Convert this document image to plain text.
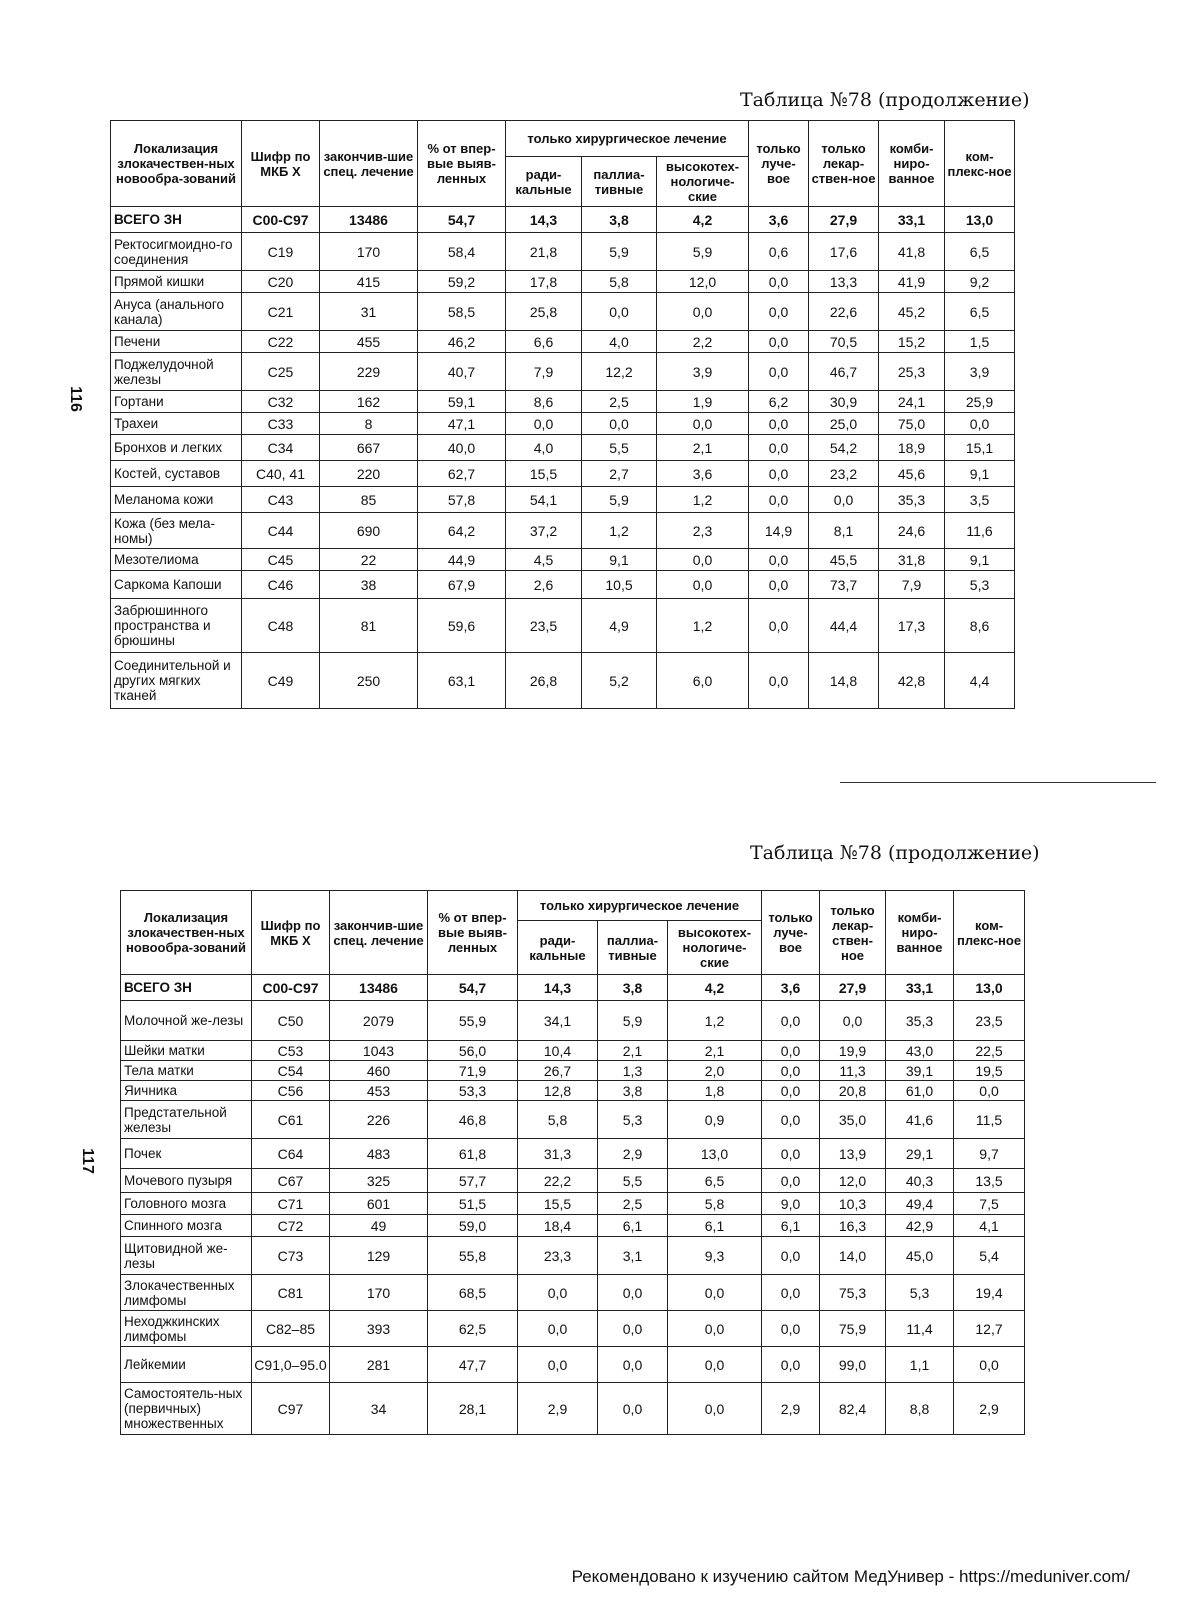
Таблица №78 (продолжение)
116
Локализация злокачествен-ных новообра-зований	Шифр по МКБ Х	закончив-шие спец. лечение	% от впер-вые выяв-ленных	только хирургическое лечение			только луче-вое	только лекар-ствен-ное	комби-ниро-ванное	ком-плекс-ное
				ради-кальные	паллиа-тивные	высокотех-нологиче-ские				
ВСЕГО ЗН	С00-С97	13486	54,7	14,3	3,8	4,2	3,6	27,9	33,1	13,0
Ректосигмоидно-го соединения	С19	170	58,4	21,8	5,9	5,9	0,6	17,6	41,8	6,5
Прямой кишки	С20	415	59,2	17,8	5,8	12,0	0,0	13,3	41,9	9,2
Ануса (анального канала)	С21	31	58,5	25,8	0,0	0,0	0,0	22,6	45,2	6,5
Печени	С22	455	46,2	6,6	4,0	2,2	0,0	70,5	15,2	1,5
Поджелудочной железы	С25	229	40,7	7,9	12,2	3,9	0,0	46,7	25,3	3,9
Гортани	С32	162	59,1	8,6	2,5	1,9	6,2	30,9	24,1	25,9
Трахеи	С33	8	47,1	0,0	0,0	0,0	0,0	25,0	75,0	0,0
Бронхов и легких	С34	667	40,0	4,0	5,5	2,1	0,0	54,2	18,9	15,1
Костей, суставов	С40, 41	220	62,7	15,5	2,7	3,6	0,0	23,2	45,6	9,1
Меланома кожи	С43	85	57,8	54,1	5,9	1,2	0,0	0,0	35,3	3,5
Кожа (без мела-номы)	С44	690	64,2	37,2	1,2	2,3	14,9	8,1	24,6	11,6
Мезотелиома	С45	22	44,9	4,5	9,1	0,0	0,0	45,5	31,8	9,1
Саркома Капоши	С46	38	67,9	2,6	10,5	0,0	0,0	73,7	7,9	5,3
Забрюшинного пространства и брюшины	С48	81	59,6	23,5	4,9	1,2	0,0	44,4	17,3	8,6
Соединительной и других мягких тканей	С49	250	63,1	26,8	5,2	6,0	0,0	14,8	42,8	4,4
Таблица №78 (продолжение)
117
Локализация злокачествен-ных новообра-зований	Шифр по МКБ Х	закончив-шие спец. лечение	% от впер-вые выяв-ленных	только хирургическое лечение			только луче-вое	только лекар-ствен-ное	комби-ниро-ванное	ком-плекс-ное
				ради-кальные	паллиа-тивные	высокотех-нологиче-ские				
ВСЕГО ЗН	С00-С97	13486	54,7	14,3	3,8	4,2	3,6	27,9	33,1	13,0
Молочной же-лезы	С50	2079	55,9	34,1	5,9	1,2	0,0	0,0	35,3	23,5
Шейки матки	С53	1043	56,0	10,4	2,1	2,1	0,0	19,9	43,0	22,5
Тела матки	С54	460	71,9	26,7	1,3	2,0	0,0	11,3	39,1	19,5
Яичника	С56	453	53,3	12,8	3,8	1,8	0,0	20,8	61,0	0,0
Предстательной железы	С61	226	46,8	5,8	5,3	0,9	0,0	35,0	41,6	11,5
Почек	С64	483	61,8	31,3	2,9	13,0	0,0	13,9	29,1	9,7
Мочевого пузыря	С67	325	57,7	22,2	5,5	6,5	0,0	12,0	40,3	13,5
Головного мозга	С71	601	51,5	15,5	2,5	5,8	9,0	10,3	49,4	7,5
Спинного мозга	С72	49	59,0	18,4	6,1	6,1	6,1	16,3	42,9	4,1
Щитовидной же-лезы	С73	129	55,8	23,3	3,1	9,3	0,0	14,0	45,0	5,4
Злокачественных лимфомы	С81	170	68,5	0,0	0,0	0,0	0,0	75,3	5,3	19,4
Неходжкинских лимфомы	С82–85	393	62,5	0,0	0,0	0,0	0,0	75,9	11,4	12,7
Лейкемии	С91,0–95.0	281	47,7	0,0	0,0	0,0	0,0	99,0	1,1	0,0
Самостоятель-ных (первичных) множественных	С97	34	28,1	2,9	0,0	0,0	2,9	82,4	8,8	2,9
Рекомендовано к изучению сайтом МедУнивер - https://meduniver.com/
